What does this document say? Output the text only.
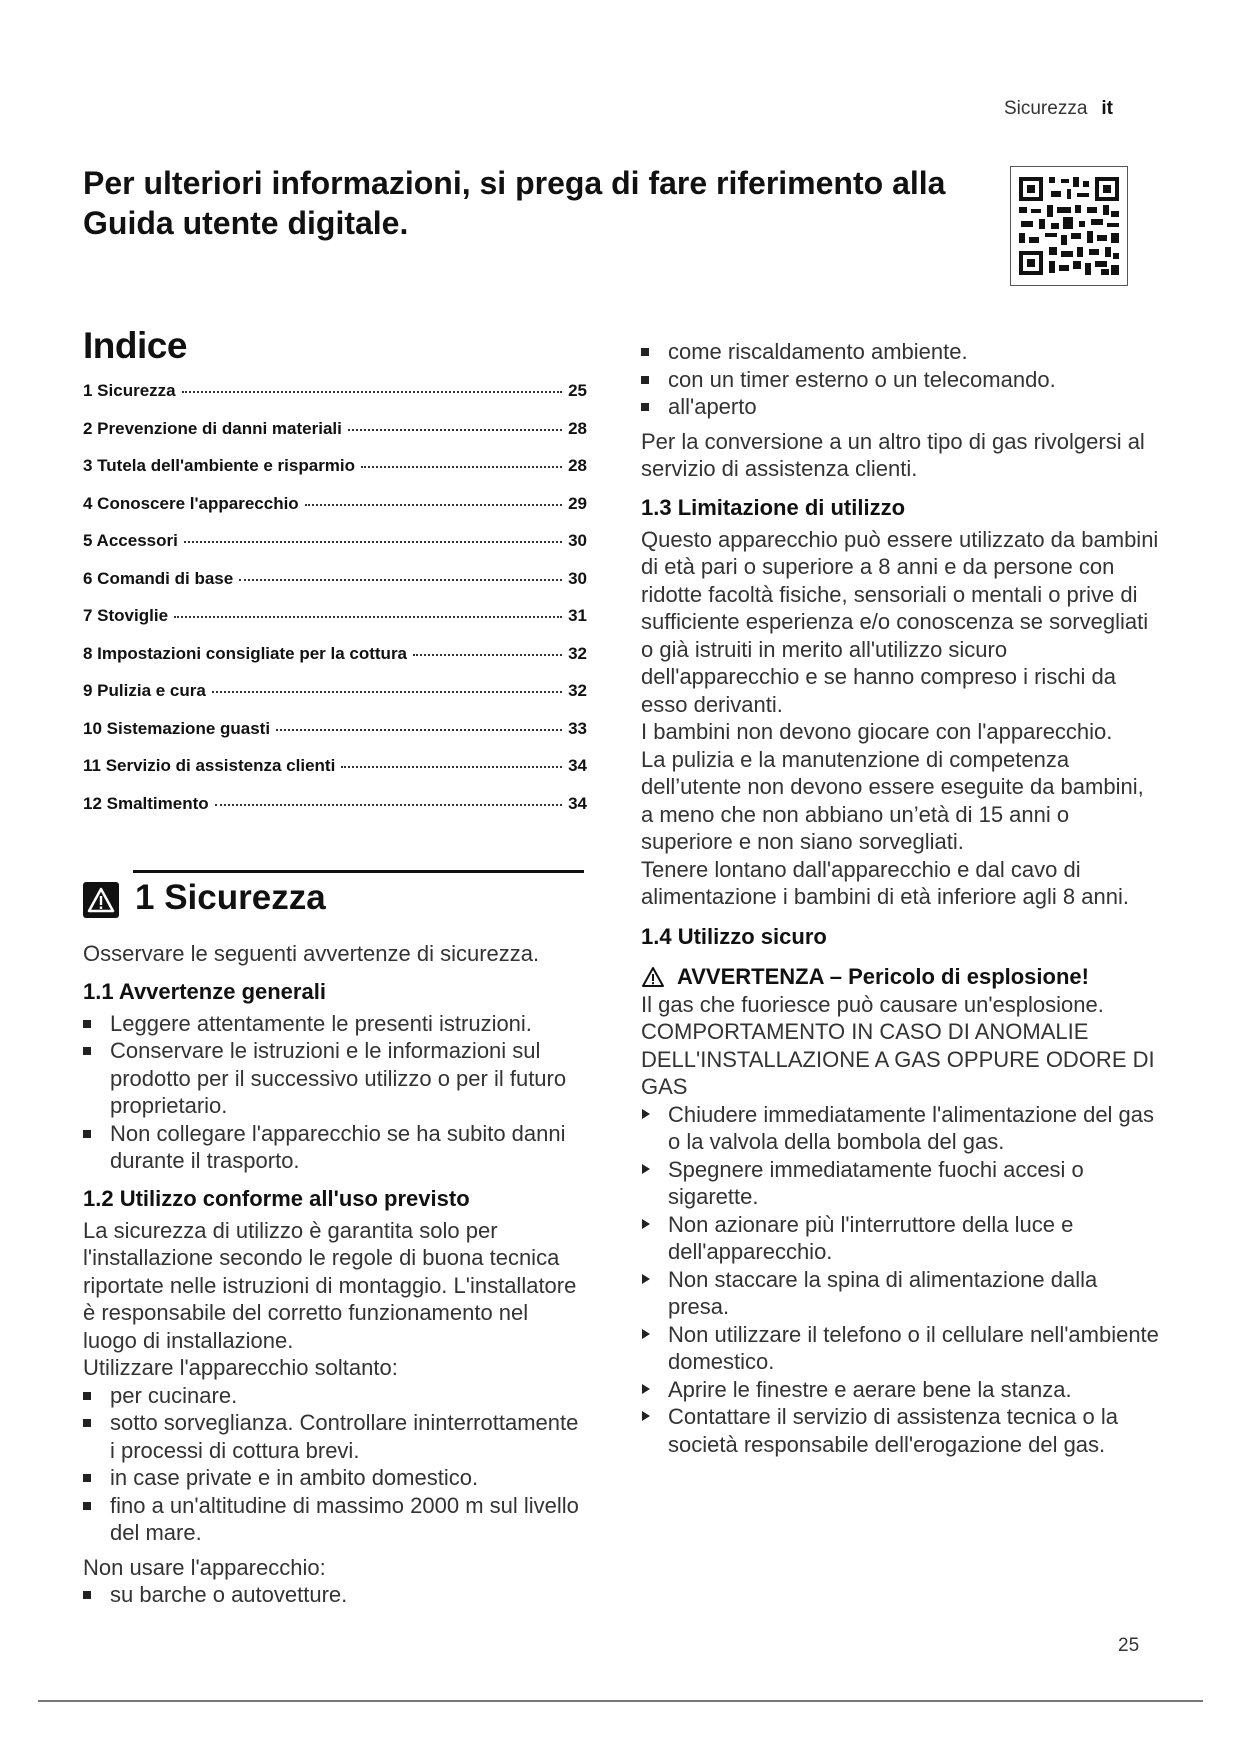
Sicurezza it

Per ulteriori informazioni, si prega di fare riferimento alla Guida utente digitale.

Indice
1 Sicurezza	25
2 Prevenzione di danni materiali	28
3 Tutela dell'ambiente e risparmio	28
4 Conoscere l'apparecchio	29
5 Accessori	30
6 Comandi di base	30
7 Stoviglie	31
8 Impostazioni consigliate per la cottura	32
9 Pulizia e cura	32
10 Sistemazione guasti	33
11 Servizio di assistenza clienti	34
12 Smaltimento	34
1 Sicurezza

Osservare le seguenti avvertenze di sicurezza.

1.1 Avvertenze generali
Leggere attentamente le presenti istruzioni.
Conservare le istruzioni e le informazioni sul prodotto per il successivo utilizzo o per il futuro proprietario.
Non collegare l'apparecchio se ha subito danni durante il trasporto.
1.2 Utilizzo conforme all'uso previsto

La sicurezza di utilizzo è garantita solo per l'installazione secondo le regole di buona tecnica riportate nelle istruzioni di montaggio. L'installatore è responsabile del corretto funzionamento nel luogo di installazione.

Utilizzare l'apparecchio soltanto:

per cucinare.
sotto sorveglianza. Controllare ininterrottamente i processi di cottura brevi.
in case private e in ambito domestico.
fino a un'altitudine di massimo 2000 m sul livello del mare.

Non usare l'apparecchio:

su barche o autovetture.
come riscaldamento ambiente.
con un timer esterno o un telecomando.
all'aperto

Per la conversione a un altro tipo di gas rivolgersi al servizio di assistenza clienti.

1.3 Limitazione di utilizzo

Questo apparecchio può essere utilizzato da bambini di età pari o superiore a 8 anni e da persone con ridotte facoltà fisiche, sensoriali o mentali o prive di sufficiente esperienza e/o conoscenza se sorvegliati o già istruiti in merito all'utilizzo sicuro dell'apparecchio e se hanno compreso i rischi da esso derivanti.

I bambini non devono giocare con l'apparecchio.

La pulizia e la manutenzione di competenza dell’utente non devono essere eseguite da bambini, a meno che non abbiano un’età di 15 anni o superiore e non siano sorvegliati.

Tenere lontano dall'apparecchio e dal cavo di alimentazione i bambini di età inferiore agli 8 anni.

1.4 Utilizzo sicuro
AVVERTENZA – Pericolo di esplosione!

Il gas che fuoriesce può causare un'esplosione. COMPORTAMENTO IN CASO DI ANOMALIE DELL'INSTALLAZIONE A GAS OPPURE ODORE DI GAS

Chiudere immediatamente l'alimentazione del gas o la valvola della bombola del gas.
Spegnere immediatamente fuochi accesi o sigarette.
Non azionare più l'interruttore della luce e dell'apparecchio.
Non staccare la spina di alimentazione dalla presa.
Non utilizzare il telefono o il cellulare nell'ambiente domestico.
Aprire le finestre e aerare bene la stanza.
Contattare il servizio di assistenza tecnica o la società responsabile dell'erogazione del gas.
25
